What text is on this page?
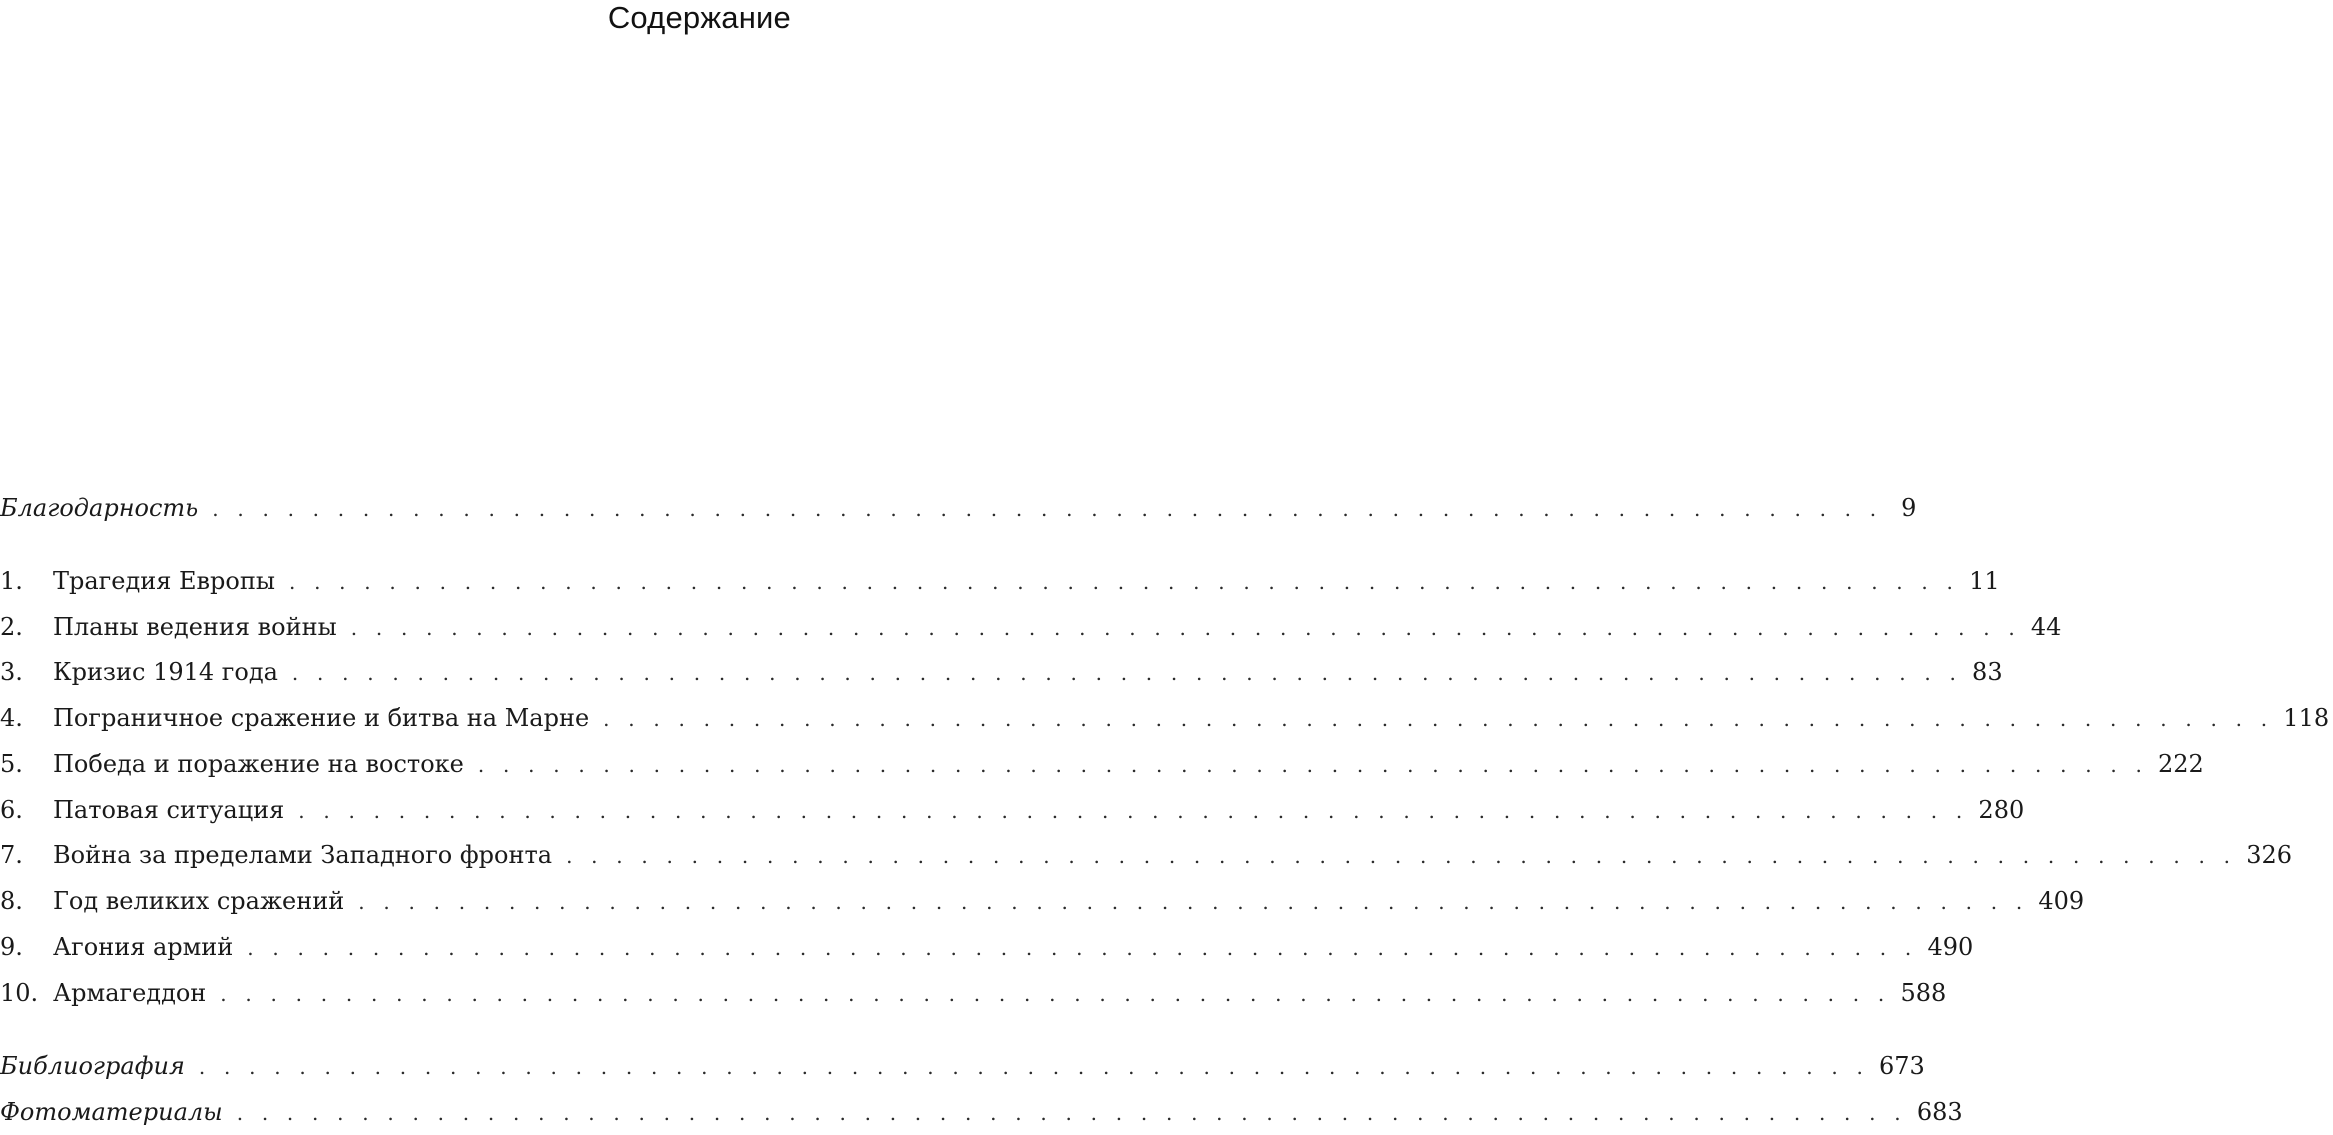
Содержание
Благодарность . . . . . . . . . . . . . . . . . . . . . . . . . . . . . . . . . . . . . . . . . . . . . . . . . . . . . . . . . . . . . . . . . . . 9
1.	Трагедия Европы . . . . . . . . . . . . . . . . . . . . . . . . . . . . . . . . . . . . . . . . . . . . . . . . . . . . . . . . . . . . . . . . . . . 11
2.	Планы ведения войны . . . . . . . . . . . . . . . . . . . . . . . . . . . . . . . . . . . . . . . . . . . . . . . . . . . . . . . . . . . . . . . . . . . 44
3.	Кризис 1914 года . . . . . . . . . . . . . . . . . . . . . . . . . . . . . . . . . . . . . . . . . . . . . . . . . . . . . . . . . . . . . . . . . . . 83
4.	Пограничное сражение и битва на Марне . . . . . . . . . . . . . . . . . . . . . . . . . . . . . . . . . . . . . . . . . . . . . . . . . . . . . . . . . . . . . . . . . . . 118
5.	Победа и поражение на востоке . . . . . . . . . . . . . . . . . . . . . . . . . . . . . . . . . . . . . . . . . . . . . . . . . . . . . . . . . . . . . . . . . . . 222
6.	Патовая ситуация . . . . . . . . . . . . . . . . . . . . . . . . . . . . . . . . . . . . . . . . . . . . . . . . . . . . . . . . . . . . . . . . . . . 280
7.	Война за пределами Западного фронта . . . . . . . . . . . . . . . . . . . . . . . . . . . . . . . . . . . . . . . . . . . . . . . . . . . . . . . . . . . . . . . . . . . 326
8.	Год великих сражений . . . . . . . . . . . . . . . . . . . . . . . . . . . . . . . . . . . . . . . . . . . . . . . . . . . . . . . . . . . . . . . . . . . 409
9.	Агония армий . . . . . . . . . . . . . . . . . . . . . . . . . . . . . . . . . . . . . . . . . . . . . . . . . . . . . . . . . . . . . . . . . . . 490
10. Армагеддон . . . . . . . . . . . . . . . . . . . . . . . . . . . . . . . . . . . . . . . . . . . . . . . . . . . . . . . . . . . . . . . . . . . 588
Библиография . . . . . . . . . . . . . . . . . . . . . . . . . . . . . . . . . . . . . . . . . . . . . . . . . . . . . . . . . . . . . . . . . . . 673
Фотоматериалы . . . . . . . . . . . . . . . . . . . . . . . . . . . . . . . . . . . . . . . . . . . . . . . . . . . . . . . . . . . . . . . . . . . 683
